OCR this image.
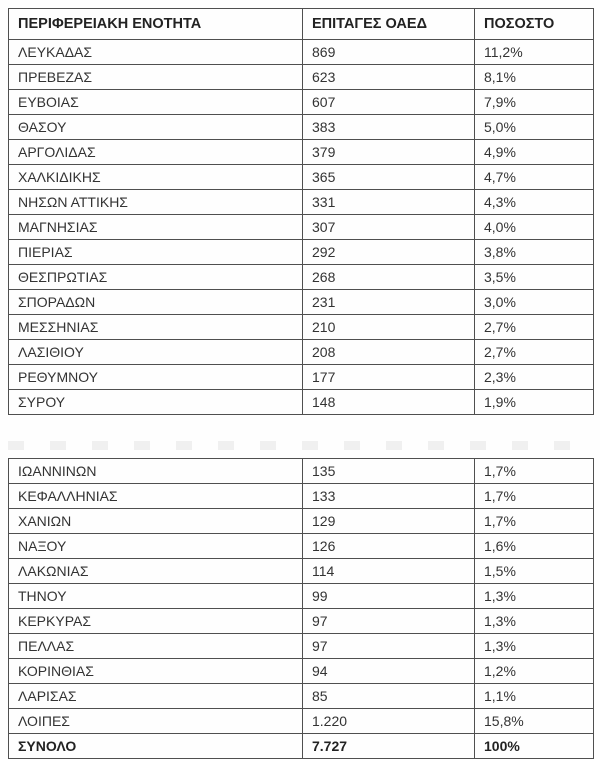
ΠΕΡΙΦΕΡΕΙΑΚΗ ΕΝΟΤΗΤΑ	ΕΠΙΤΑΓΕΣ ΟΑΕΔ	ΠΟΣΟΣΤΟ
ΛΕΥΚΑΔΑΣ	869	11,2%
ΠΡΕΒΕΖΑΣ	623	8,1%
ΕΥΒΟΙΑΣ	607	7,9%
ΘΑΣΟΥ	383	5,0%
ΑΡΓΟΛΙΔΑΣ	379	4,9%
ΧΑΛΚΙΔΙΚΗΣ	365	4,7%
ΝΗΣΩΝ ΑΤΤΙΚΗΣ	331	4,3%
ΜΑΓΝΗΣΙΑΣ	307	4,0%
ΠΙΕΡΙΑΣ	292	3,8%
ΘΕΣΠΡΩΤΙΑΣ	268	3,5%
ΣΠΟΡΑΔΩΝ	231	3,0%
ΜΕΣΣΗΝΙΑΣ	210	2,7%
ΛΑΣΙΘΙΟΥ	208	2,7%
ΡΕΘΥΜΝΟΥ	177	2,3%
ΣΥΡΟΥ	148	1,9%
ΙΩΑΝΝΙΝΩΝ	135	1,7%
ΚΕΦΑΛΛΗΝΙΑΣ	133	1,7%
ΧΑΝΙΩΝ	129	1,7%
ΝΑΞΟΥ	126	1,6%
ΛΑΚΩΝΙΑΣ	114	1,5%
ΤΗΝΟΥ	99	1,3%
ΚΕΡΚΥΡΑΣ	97	1,3%
ΠΕΛΛΑΣ	97	1,3%
ΚΟΡΙΝΘΙΑΣ	94	1,2%
ΛΑΡΙΣΑΣ	85	1,1%
ΛΟΙΠΕΣ	1.220	15,8%
ΣΥΝΟΛΟ	7.727	100%
